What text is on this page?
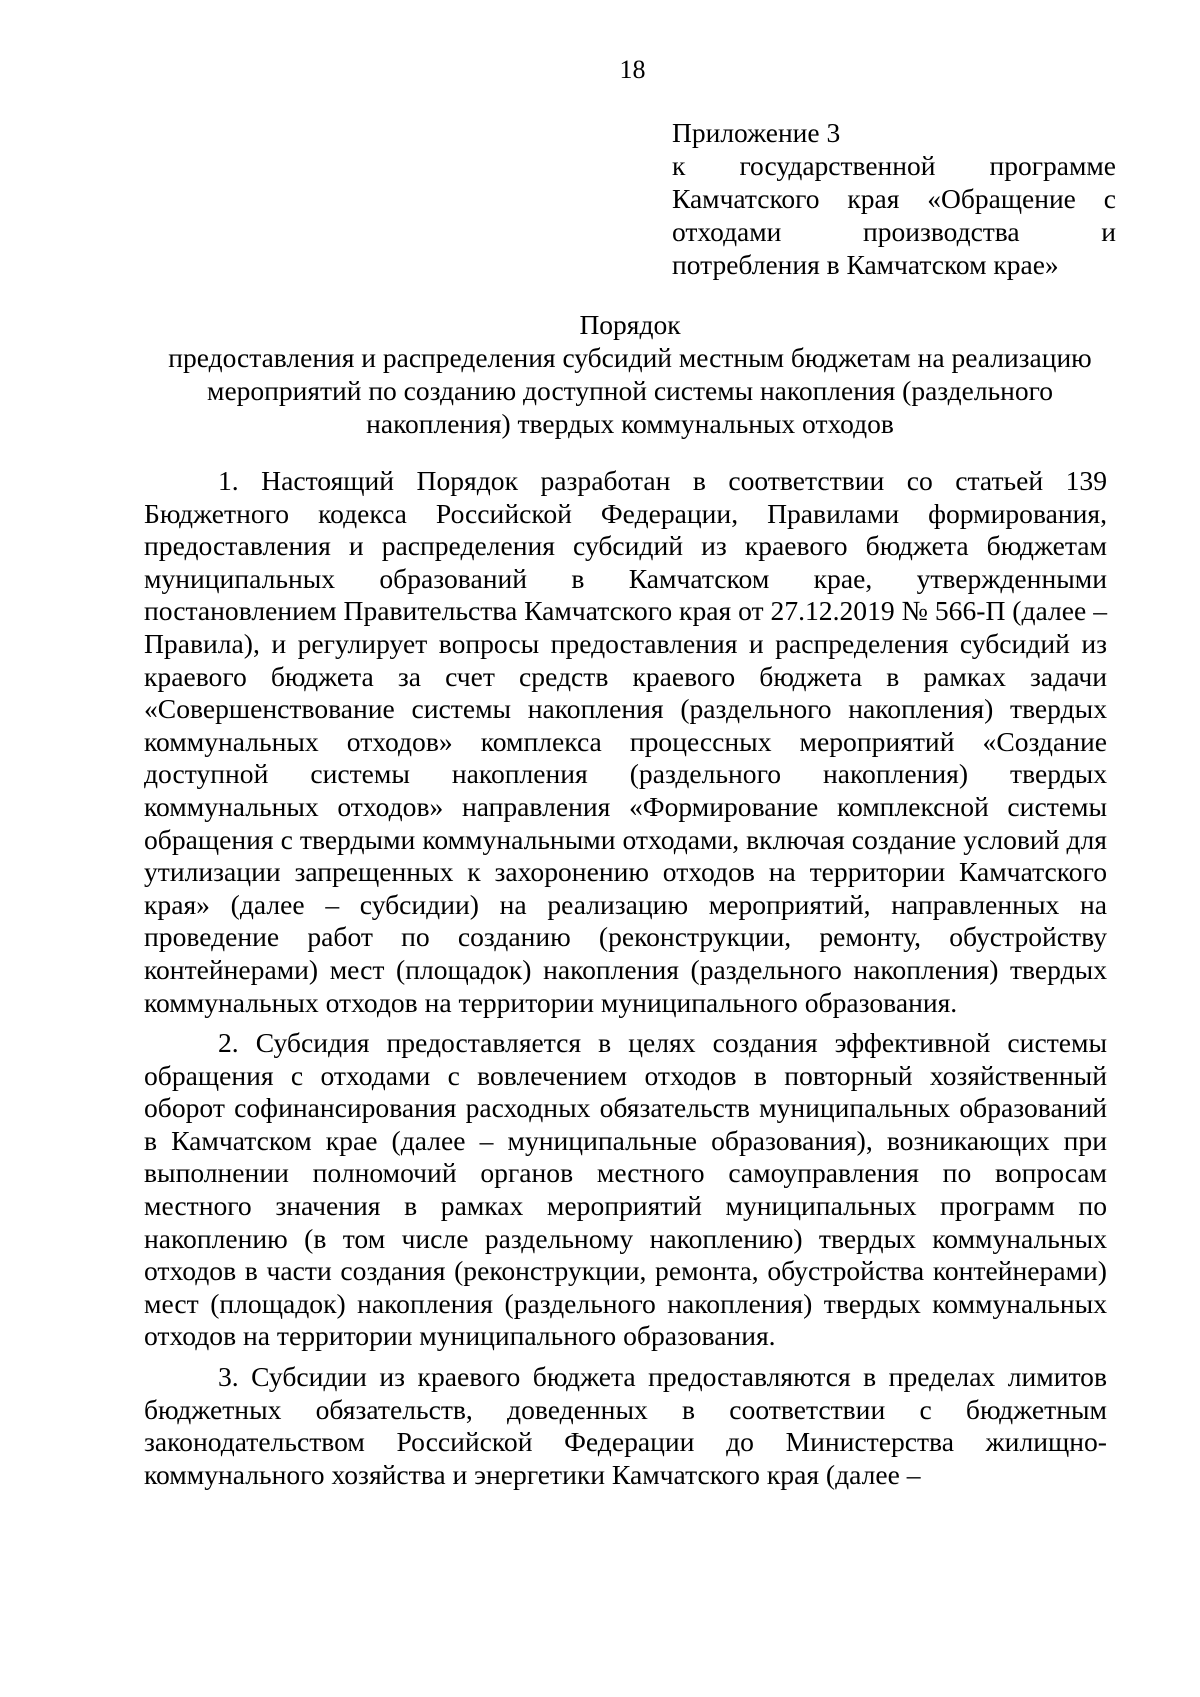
18
Приложение 3
к государственной программе Камчатского края «Обращение с отходами производства и потребления в Камчатском крае»
Порядок
предоставления и распределения субсидий местным бюджетам на реализацию мероприятий по созданию доступной системы накопления (раздельного накопления) твердых коммунальных отходов

1. Настоящий Порядок разработан в соответствии со статьей 139 Бюджетного кодекса Российской Федерации, Правилами формирования, предоставления и распределения субсидий из краевого бюджета бюджетам муниципальных образований в Камчатском крае, утвержденными постановлением Правительства Камчатского края от 27.12.2019 № 566-П (далее – Правила), и регулирует вопросы предоставления и распределения субсидий из краевого бюджета за счет средств краевого бюджета в рамках задачи «Совершенствование системы накопления (раздельного накопления) твердых коммунальных отходов» комплекса процессных мероприятий «Создание доступной системы накопления (раздельного накопления) твердых коммунальных отходов» направления «Формирование комплексной системы обращения с твердыми коммунальными отходами, включая создание условий для утилизации запрещенных к захоронению отходов на территории Камчатского края» (далее – субсидии) на реализацию мероприятий, направленных на проведение работ по созданию (реконструкции, ремонту, обустройству контейнерами) мест (площадок) накопления (раздельного накопления) твердых коммунальных отходов на территории муниципального образования.

2. Субсидия предоставляется в целях создания эффективной системы обращения с отходами с вовлечением отходов в повторный хозяйственный оборот софинансирования расходных обязательств муниципальных образований в Камчатском крае (далее – муниципальные образования), возникающих при выполнении полномочий органов местного самоуправления по вопросам местного значения в рамках мероприятий муниципальных программ по накоплению (в том числе раздельному накоплению) твердых коммунальных отходов в части создания (реконструкции, ремонта, обустройства контейнерами) мест (площадок) накопления (раздельного накопления) твердых коммунальных отходов на территории муниципального образования.

3. Субсидии из краевого бюджета предоставляются в пределах лимитов бюджетных обязательств, доведенных в соответствии с бюджетным законодательством Российской Федерации до Министерства жилищно-коммунального хозяйства и энергетики Камчатского края (далее –
